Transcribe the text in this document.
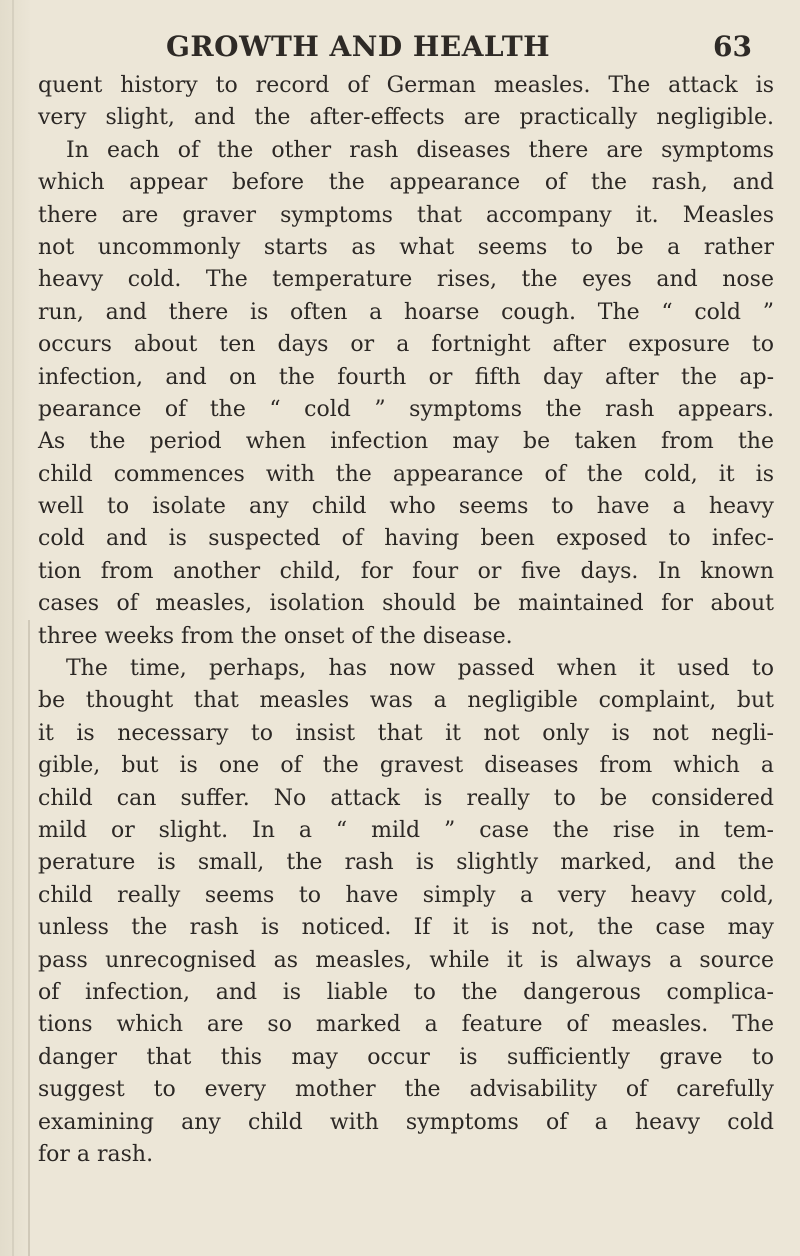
GROWTH AND HEALTH	63
quent history to record of German measles. The attack is
very slight, and the after-effects are practically negligible.
In each of the other rash diseases there are symptoms
which appear before the appearance of the rash, and
there are graver symptoms that accompany it. Measles
not uncommonly starts as what seems to be a rather
heavy cold. The temperature rises, the eyes and nose
run, and there is often a hoarse cough. The “ cold ”
occurs about ten days or a fortnight after exposure to
infection, and on the fourth or fifth day after the ap-
pearance of the “ cold ” symptoms the rash appears.
As the period when infection may be taken from the
child commences with the appearance of the cold, it is
well to isolate any child who seems to have a heavy
cold and is suspected of having been exposed to infec-
tion from another child, for four or five days. In known
cases of measles, isolation should be maintained for about
three weeks from the onset of the disease.
The time, perhaps, has now passed when it used to
be thought that measles was a negligible complaint, but
it is necessary to insist that it not only is not negli-
gible, but is one of the gravest diseases from which a
child can suffer. No attack is really to be considered
mild or slight. In a “ mild ” case the rise in tem-
perature is small, the rash is slightly marked, and the
child really seems to have simply a very heavy cold,
unless the rash is noticed. If it is not, the case may
pass unrecognised as measles, while it is always a source
of infection, and is liable to the dangerous complica-
tions which are so marked a feature of measles. The
danger that this may occur is sufficiently grave to
suggest to every mother the advisability of carefully
examining any child with symptoms of a heavy cold
for a rash.
